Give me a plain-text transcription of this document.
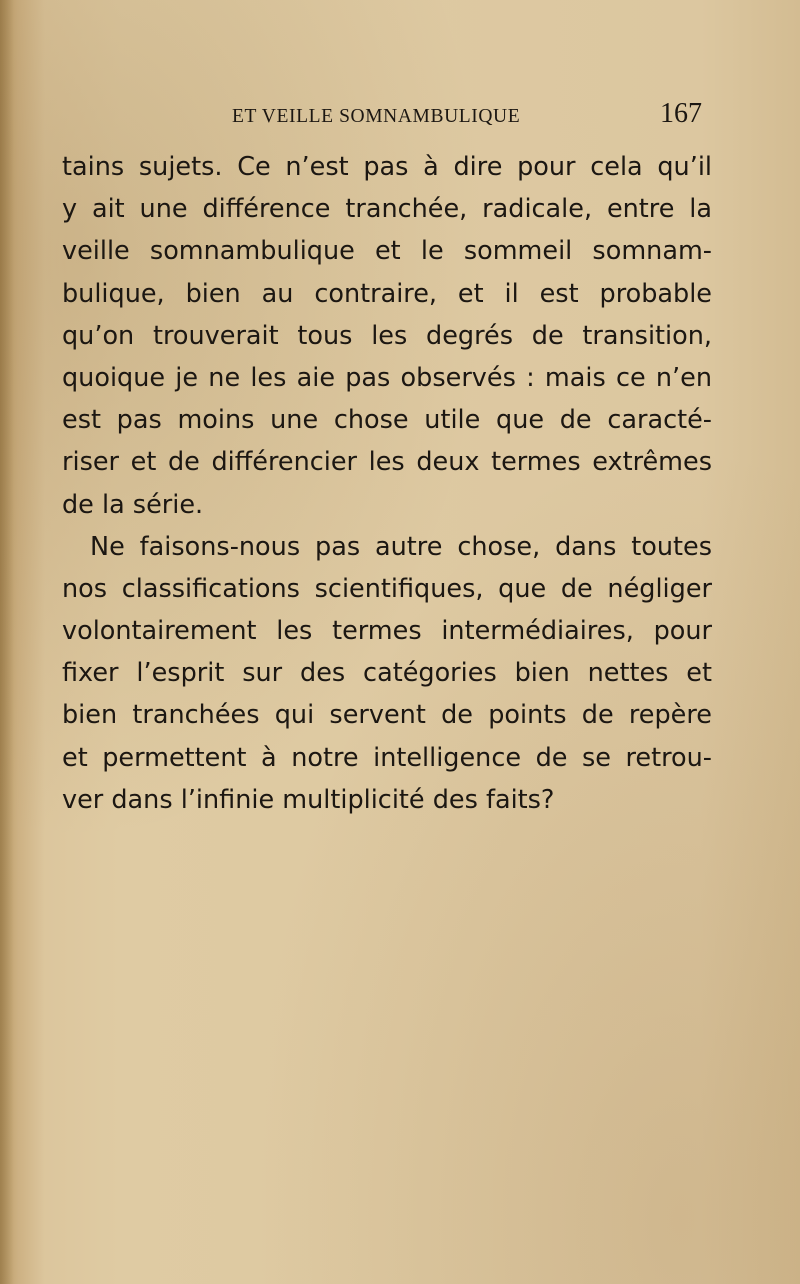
ET VEILLE SOMNAMBULIQUE	167
tains sujets. Ce n’est pas à dire pour cela qu’il
y ait une différence tranchée, radicale, entre la
veille somnambulique et le sommeil somnam-
bulique, bien au contraire, et il est probable
qu’on trouverait tous les degrés de transition,
quoique je ne les aie pas observés : mais ce n’en
est pas moins une chose utile que de caracté-
riser et de différencier les deux termes extrêmes
de la série.
Ne faisons-nous pas autre chose, dans toutes
nos classifications scientifiques, que de négliger
volontairement les termes intermédiaires, pour
fixer l’esprit sur des catégories bien nettes et
bien tranchées qui servent de points de repère
et permettent à notre intelligence de se retrou-
ver dans l’infinie multiplicité des faits?
